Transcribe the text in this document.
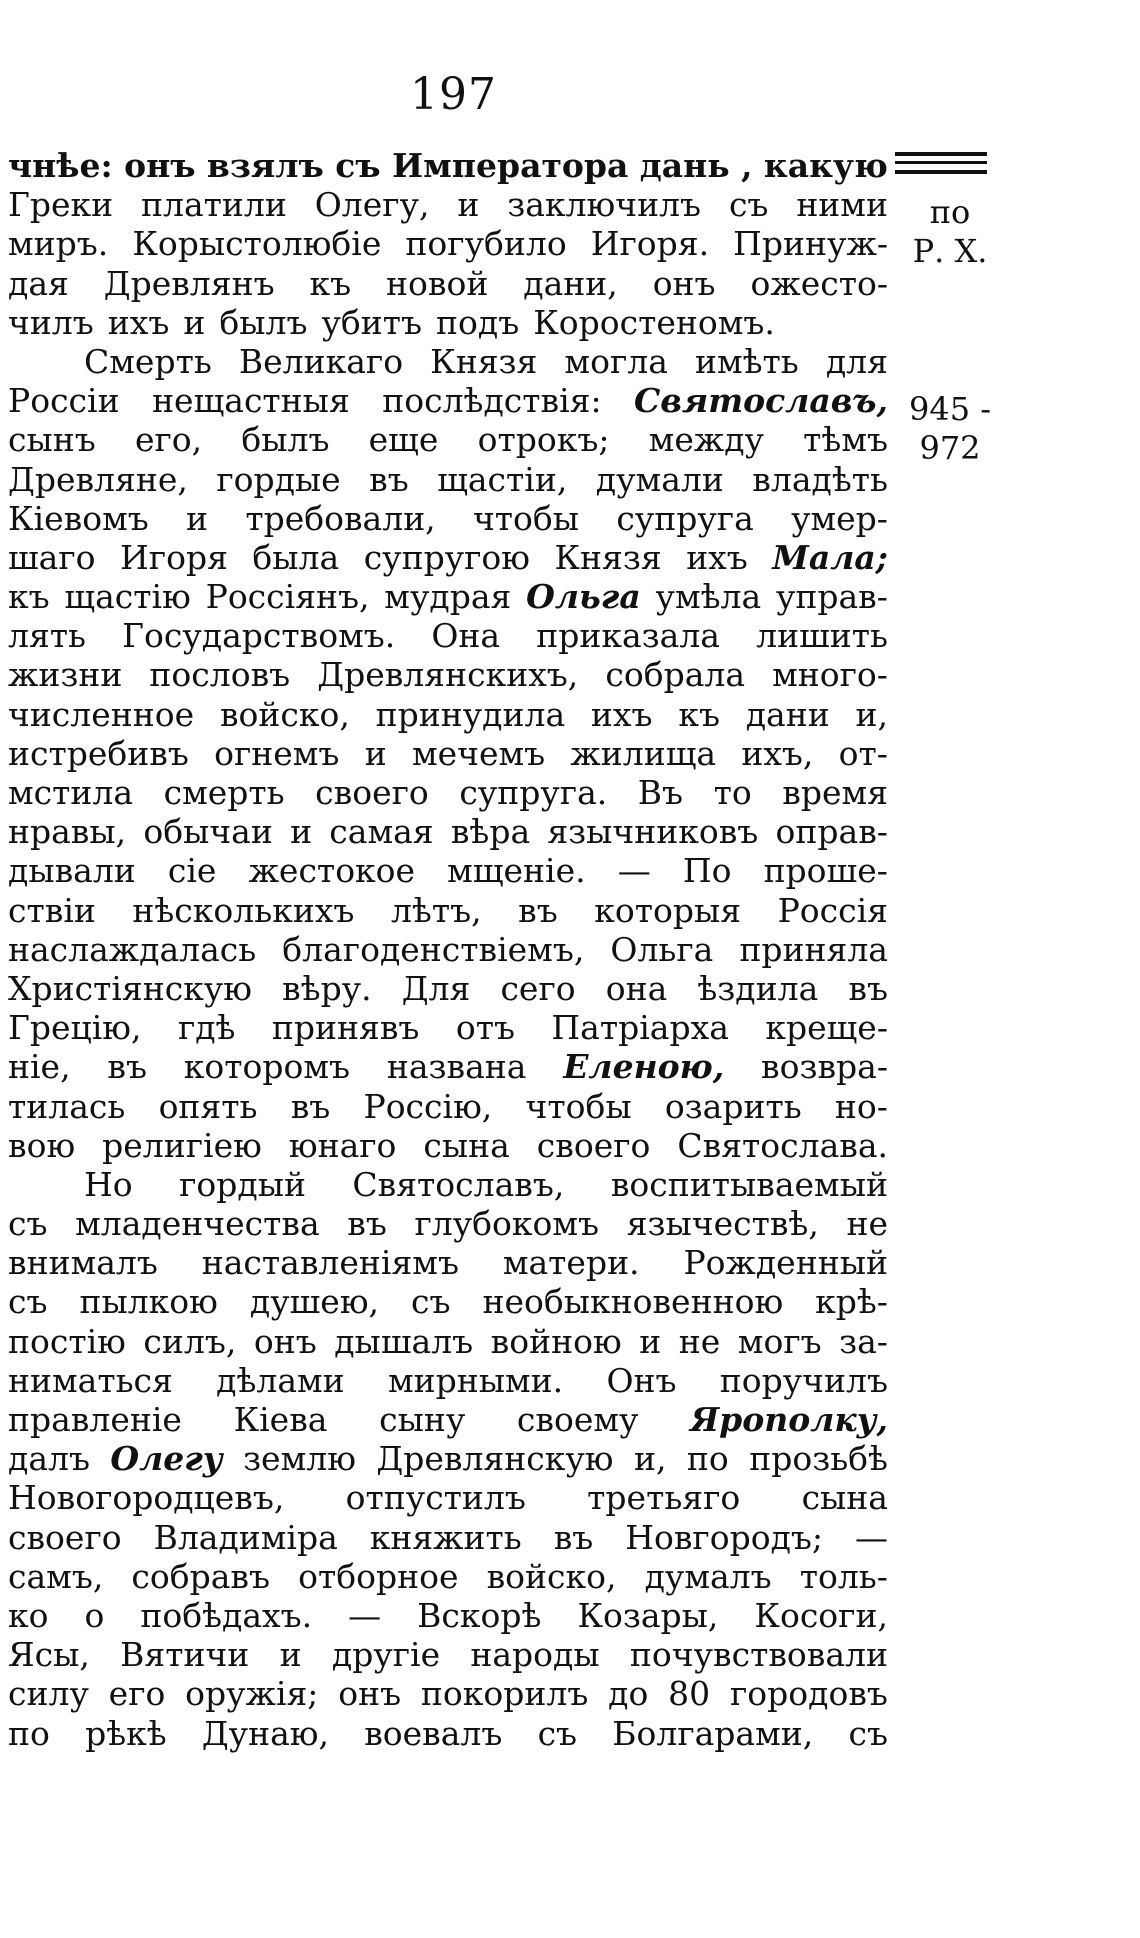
197
по
Р. Х.
945 -
972
чнѣе: онъ взялъ съ Императора дань , какую
Греки платили Олегу, и заключилъ съ ними
миръ. Корыстолюбіе погубило Игоря. Принуж-
дая Древлянъ къ новой дани, онъ ожесто-
чилъ ихъ и былъ убитъ подъ Коростеномъ.
Смерть Великаго Князя могла имѣть для
Россіи нещастныя послѣдствія: Святославъ,
сынъ его, былъ еще отрокъ; между тѣмъ
Древляне, гордые въ щастіи, думали владѣть
Кіевомъ и требовали, чтобы супруга умер-
шаго Игоря была супругою Князя ихъ Мала;
къ щастію Россіянъ, мудрая Ольга умѣла управ-
лять Государствомъ. Она приказала лишить
жизни пословъ Древлянскихъ, собрала много-
численное войско, принудила ихъ къ дани и,
истребивъ огнемъ и мечемъ жилища ихъ, от-
мстила смерть своего супруга. Въ то время
нравы, обычаи и самая вѣра язычниковъ оправ-
дывали сіе жестокое мщеніе. — По проше-
ствіи нѣсколькихъ лѣтъ, въ которыя Россія
наслаждалась благоденствіемъ, Ольга приняла
Христіянскую вѣру. Для сего она ѣздила въ
Грецію, гдѣ принявъ отъ Патріарха креще-
ніе, въ которомъ названа Еленою, возвра-
тилась опять въ Россію, чтобы озарить но-
вою религіею юнаго сына своего Святослава.
Но гордый Святославъ, воспитываемый
съ младенчества въ глубокомъ язычествѣ, не
внималъ наставленіямъ матери. Рожденный
съ пылкою душею, съ необыкновенною крѣ-
постію силъ, онъ дышалъ войною и не могъ за-
ниматься дѣлами мирными. Онъ поручилъ
правленіе Кіева сыну своему Ярополку,
далъ Олегу землю Древлянскую и, по прозьбѣ
Новогородцевъ, отпустилъ третьяго сына
своего Владиміра княжить въ Новгородъ; —
самъ, собравъ отборное войско, думалъ толь-
ко о побѣдахъ. — Вскорѣ Козары, Косоги,
Ясы, Вятичи и другіе народы почувствовали
силу его оружія; онъ покорилъ до 80 городовъ
по рѣкѣ Дунаю, воевалъ съ Болгарами, съ
